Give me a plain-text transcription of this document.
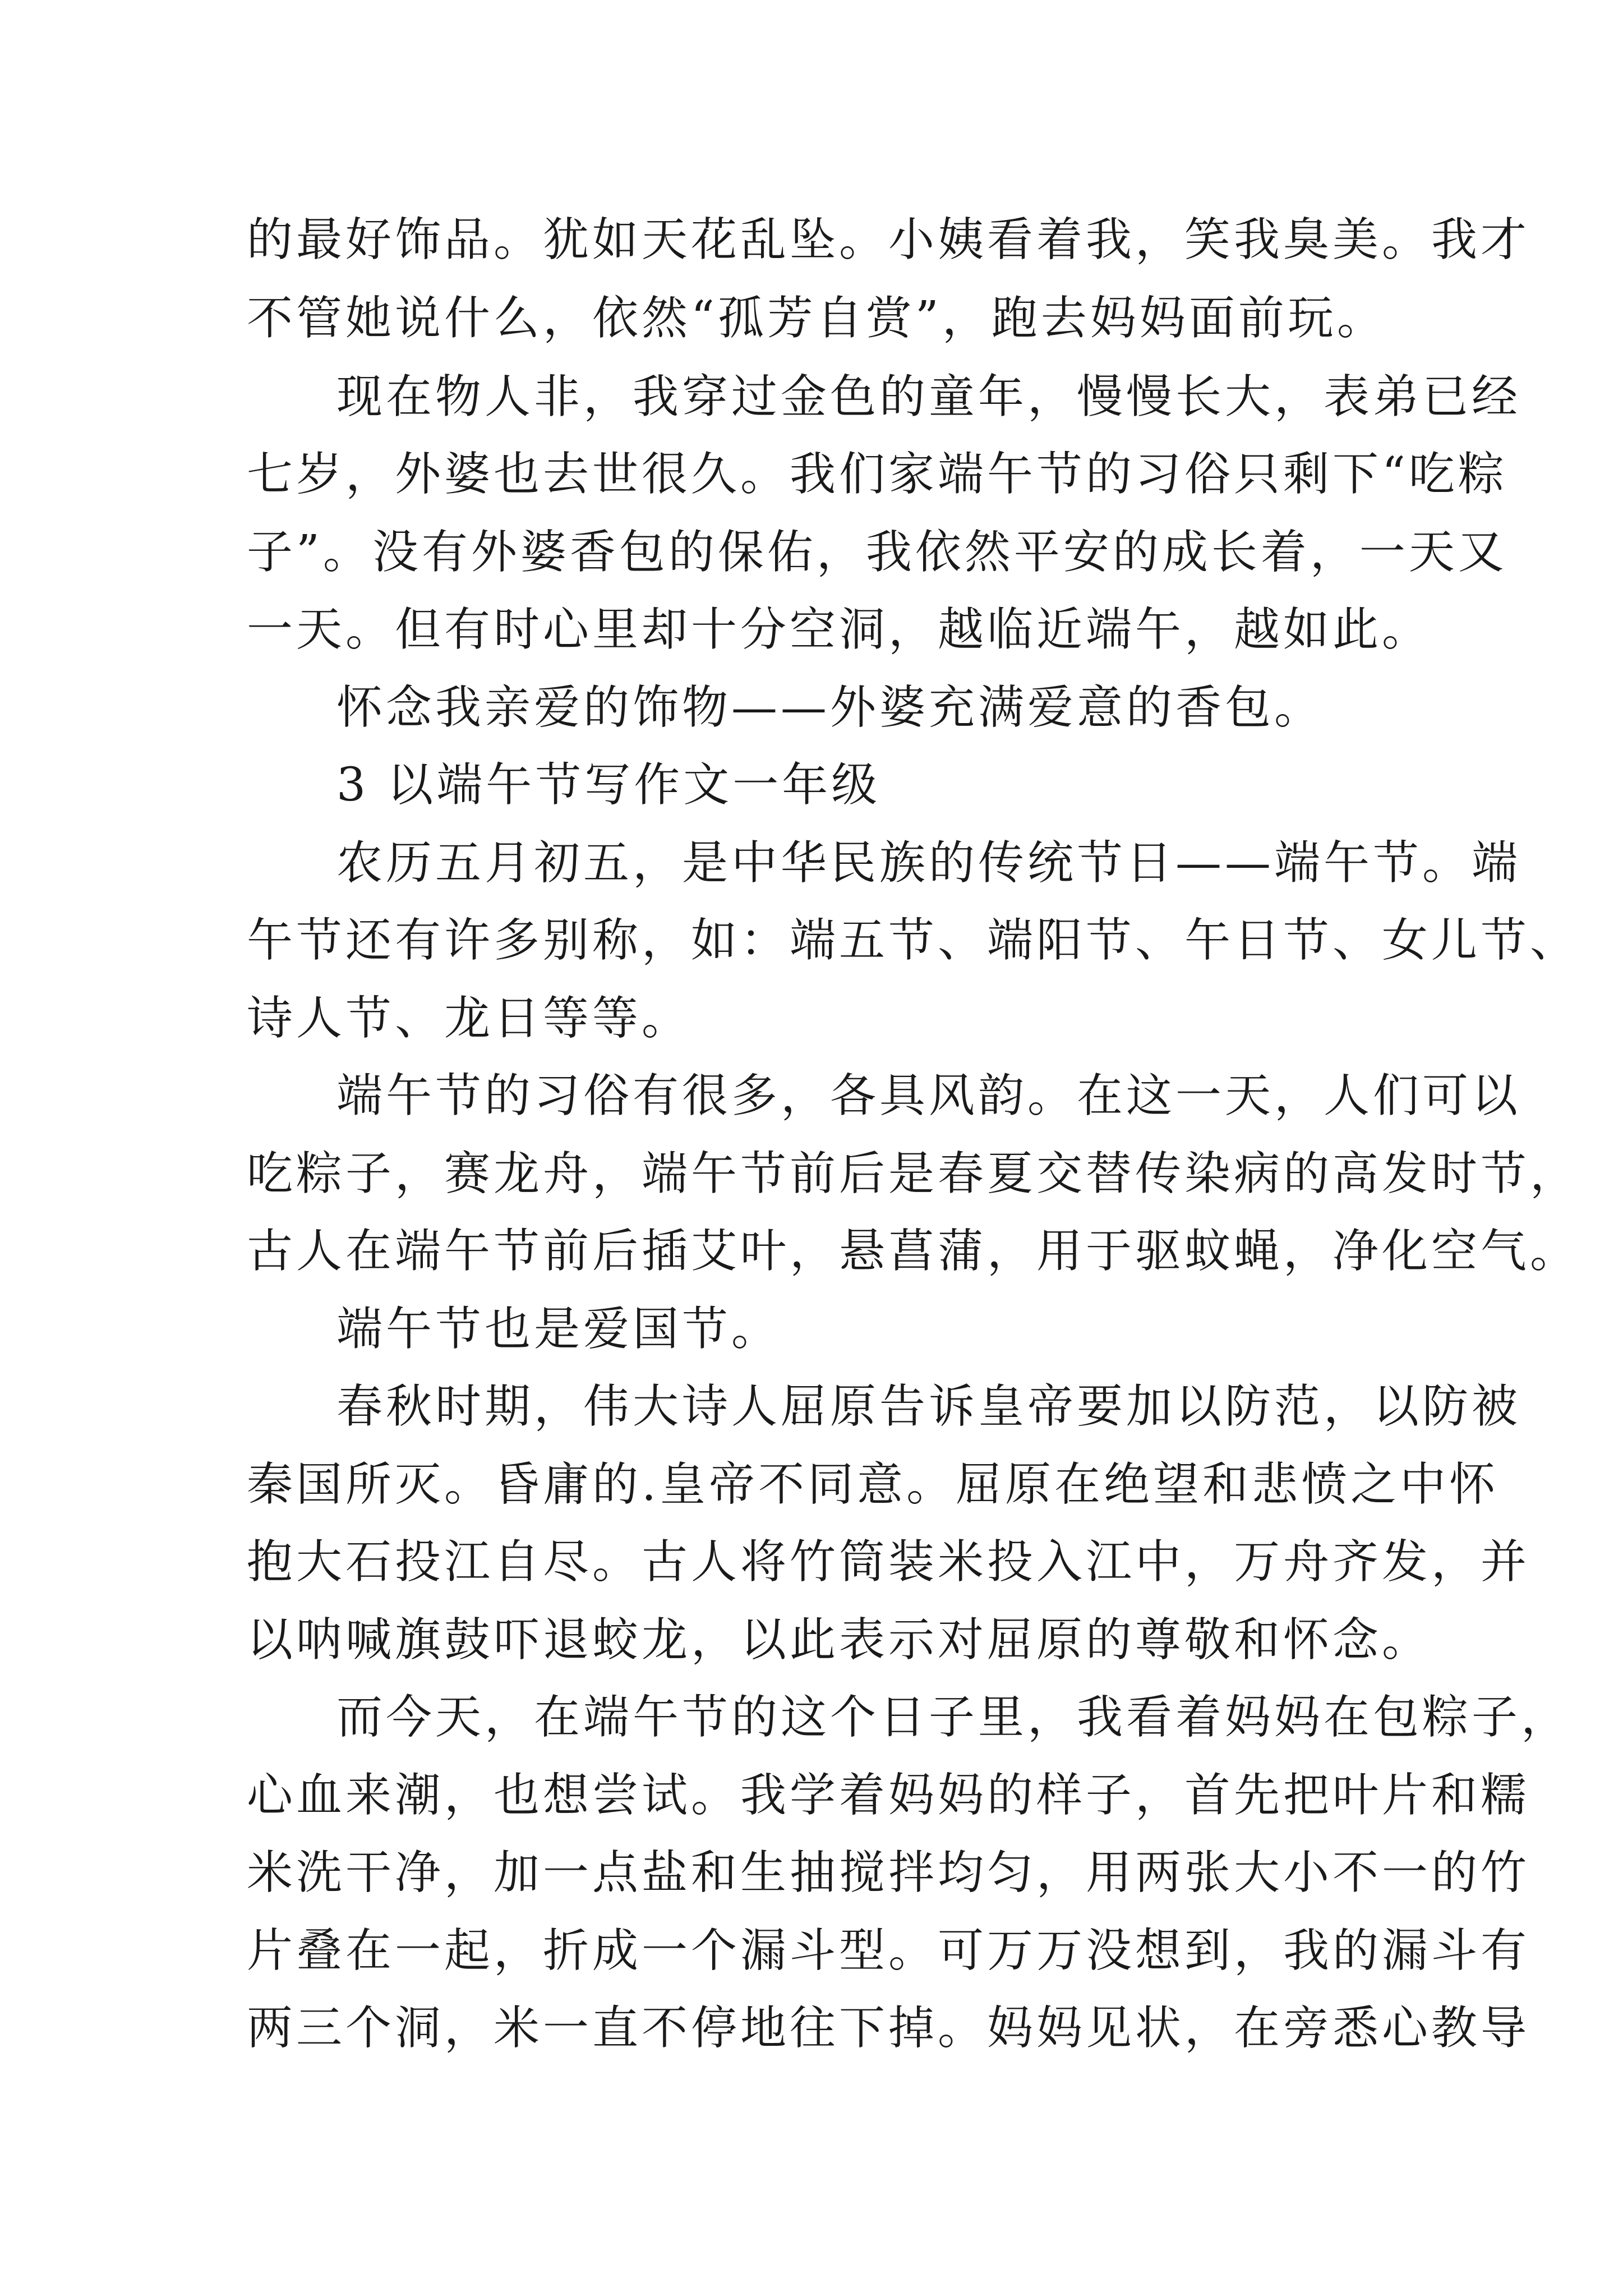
的最好饰品。犹如天花乱坠。小姨看着我，笑我臭美。我才
不管她说什么，依然“孤芳自赏”，跑去妈妈面前玩。
现在物人非，我穿过金色的童年，慢慢长大，表弟已经
七岁，外婆也去世很久。我们家端午节的习俗只剩下“吃粽
子”。没有外婆香包的保佑，我依然平安的成长着，一天又
一天。但有时心里却十分空洞，越临近端午，越如此。
怀念我亲爱的饰物——外婆充满爱意的香包。
3 以端午节写作文一年级
农历五月初五，是中华民族的传统节日——端午节。端
午节还有许多别称，如：端五节、端阳节、午日节、女儿节、
诗人节、龙日等等。
端午节的习俗有很多，各具风韵。在这一天，人们可以
吃粽子，赛龙舟，端午节前后是春夏交替传染病的高发时节，
古人在端午节前后插艾叶，悬菖蒲，用于驱蚊蝇，净化空气。
端午节也是爱国节。
春秋时期，伟大诗人屈原告诉皇帝要加以防范，以防被
秦国所灭。昏庸的.皇帝不同意。屈原在绝望和悲愤之中怀
抱大石投江自尽。古人将竹筒装米投入江中，万舟齐发，并
以呐喊旗鼓吓退蛟龙，以此表示对屈原的尊敬和怀念。
而今天，在端午节的这个日子里，我看着妈妈在包粽子，
心血来潮，也想尝试。我学着妈妈的样子，首先把叶片和糯
米洗干净，加一点盐和生抽搅拌均匀，用两张大小不一的竹
片叠在一起，折成一个漏斗型。可万万没想到，我的漏斗有
两三个洞，米一直不停地往下掉。妈妈见状，在旁悉心教导
